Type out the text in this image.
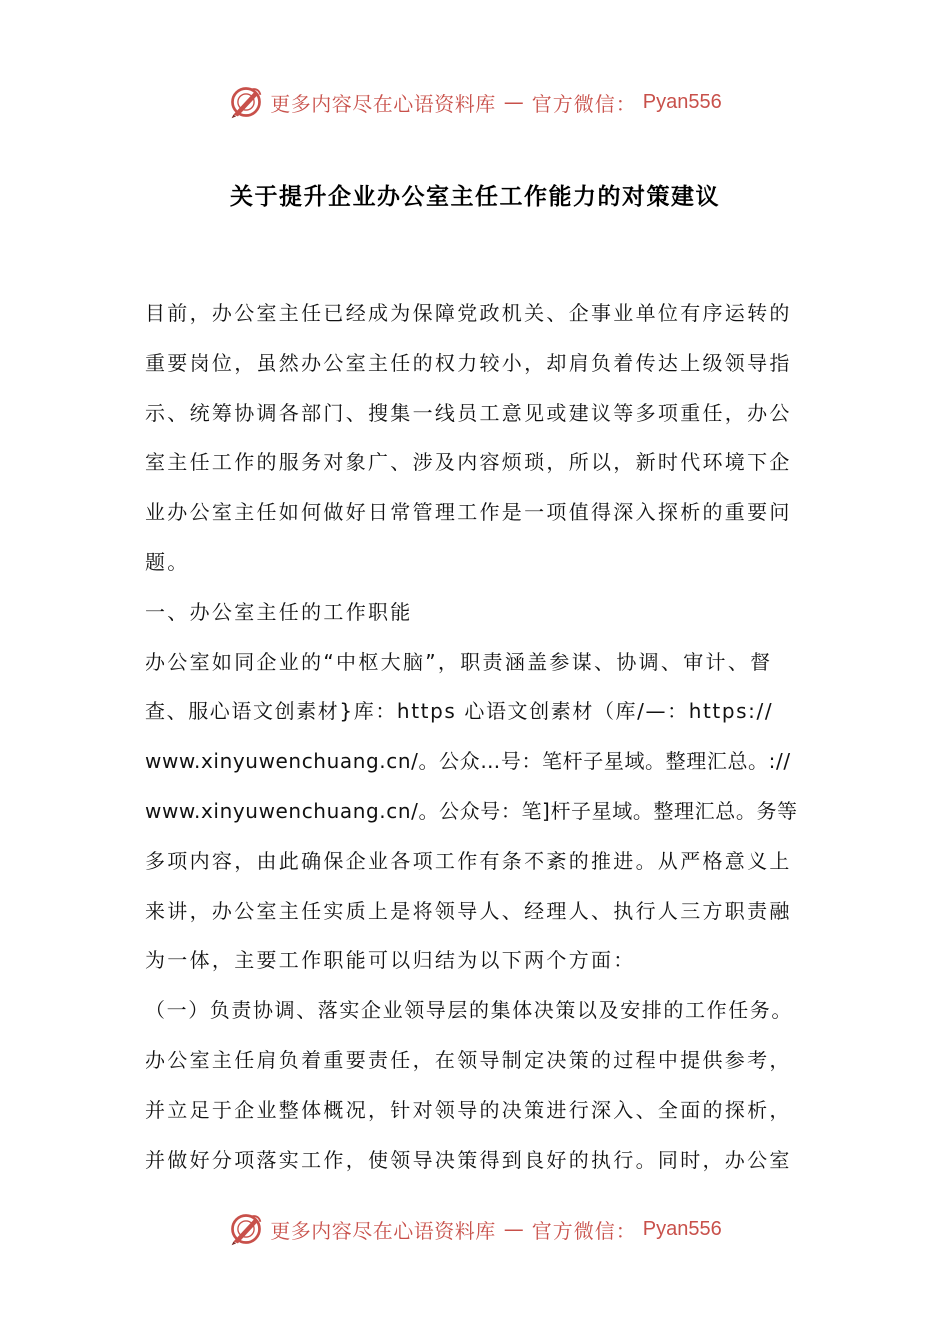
更多内容尽在心语资料库 — 官方微信： Pyan556
关于提升企业办公室主任工作能力的对策建议
目前，办公室主任已经成为保障党政机关、企事业单位有序运转的
重要岗位，虽然办公室主任的权力较小，却肩负着传达上级领导指
示、统筹协调各部门、搜集一线员工意见或建议等多项重任，办公
室主任工作的服务对象广、涉及内容烦琐，所以，新时代环境下企
业办公室主任如何做好日常管理工作是一项值得深入探析的重要问
题。
一、办公室主任的工作职能
办公室如同企业的“中枢大脑”，职责涵盖参谋、协调、审计、督
查、服心语文创素材}库：https 心语文创素材（库/—：https://
www.xinyuwenchuang.cn/。公众…号：笔杆子星域。整理汇总。://
www.xinyuwenchuang.cn/。公众号：笔]杆子星域。整理汇总。务等
多项内容，由此确保企业各项工作有条不紊的推进。从严格意义上
来讲，办公室主任实质上是将领导人、经理人、执行人三方职责融
为一体，主要工作职能可以归结为以下两个方面：
（一）负责协调、落实企业领导层的集体决策以及安排的工作任务。
办公室主任肩负着重要责任，在领导制定决策的过程中提供参考，
并立足于企业整体概况，针对领导的决策进行深入、全面的探析，
并做好分项落实工作，使领导决策得到良好的执行。同时，办公室
更多内容尽在心语资料库 — 官方微信： Pyan556
